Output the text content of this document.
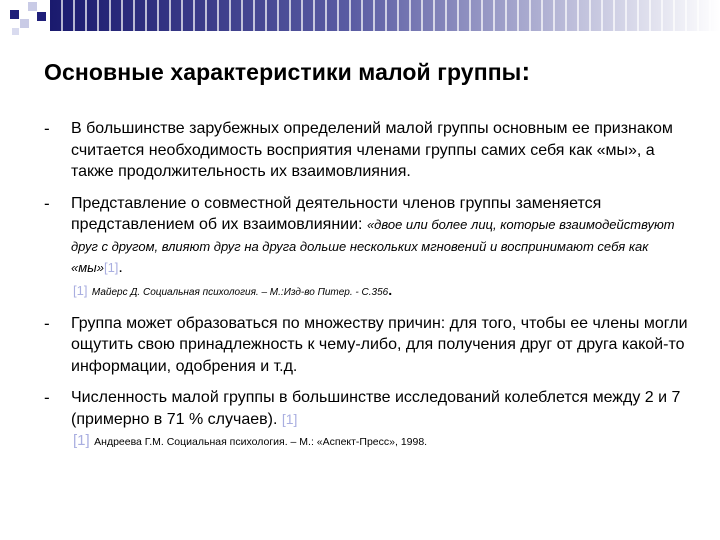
Основные характеристики малой группы:
- В большинстве зарубежных определений малой группы основным ее признаком считается необходимость восприятия членами группы самих себя как «мы», а также продолжительность их взаимовлияния.
- Представление о совместной деятельности членов группы заменяется представлением об их взаимовлиянии: «двое или более лиц, которые взаимодействуют друг с другом, влияют друг на друга дольше нескольких мгновений и воспринимают себя как «мы»[1].
[1] Майерс Д. Социальная психология. – М.:Изд-во Питер. - С.356.
- Группа может образоваться по множеству причин: для того, чтобы ее члены могли ощутить свою принадлежность к чему-либо, для получения друг от друга какой-то информации, одобрения и т.д.
- Численность малой группы в большинстве исследований колеблется между 2 и 7 (примерно в 71 % случаев). [1]
[1] Андреева Г.М. Социальная психология. – М.: «Аспект-Пресс», 1998.
